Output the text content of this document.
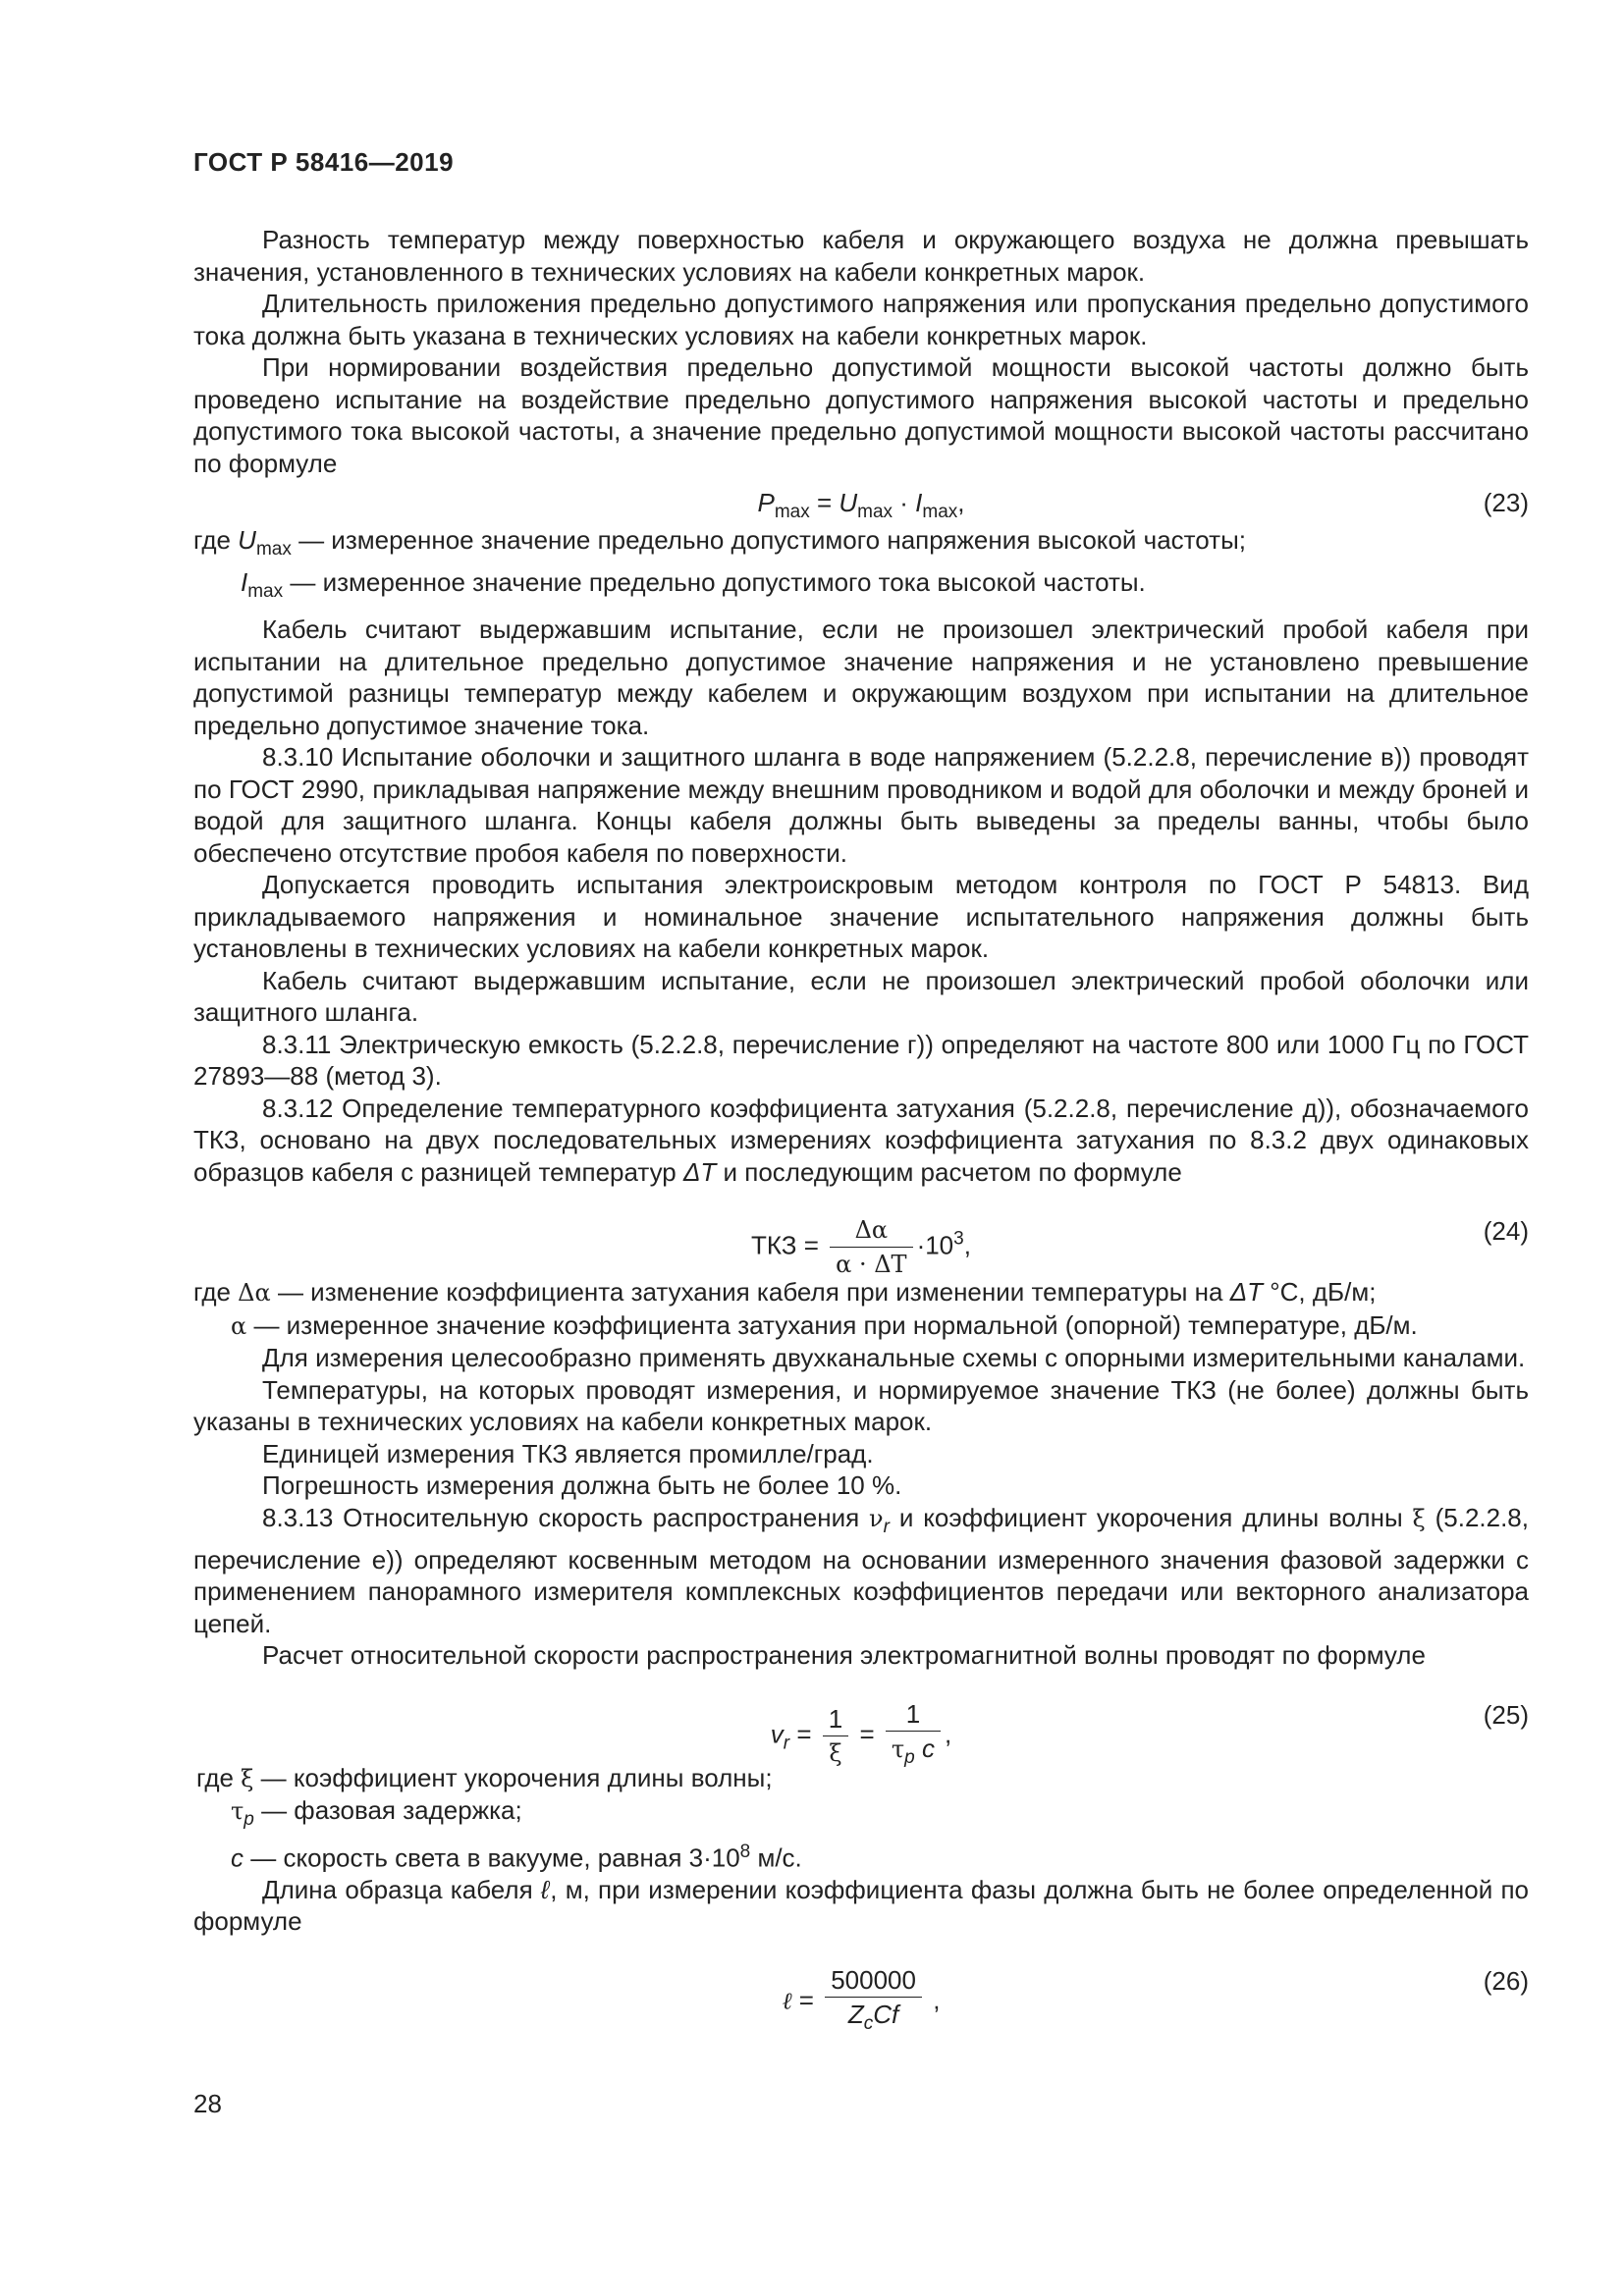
ГОСТ Р 58416—2019

Разность температур между поверхностью кабеля и окружающего воздуха не должна превышать значения, установленного в технических условиях на кабели конкретных марок.

Длительность приложения предельно допустимого напряжения или пропускания предельно допустимого тока должна быть указана в технических условиях на кабели конкретных марок.

При нормировании воздействия предельно допустимой мощности высокой частоты должно быть проведено испытание на воздействие предельно допустимого напряжения высокой частоты и предельно допустимого тока высокой частоты, а значение предельно допустимой мощности высокой частоты рассчитано по формуле

$P_{max} = U_{max} \cdot I_{max}$,	(23)

где $U_{max}$ — измеренное значение предельно допустимого напряжения высокой частоты;

$I_{max}$ — измеренное значение предельно допустимого тока высокой частоты.

Кабель считают выдержавшим испытание, если не произошел электрический пробой кабеля при испытании на длительное предельно допустимое значение напряжения и не установлено превышение допустимой разницы температур между кабелем и окружающим воздухом при испытании на длительное предельно допустимое значение тока.

8.3.10 Испытание оболочки и защитного шланга в воде напряжением (5.2.2.8, перечисление в)) проводят по ГОСТ 2990, прикладывая напряжение между внешним проводником и водой для оболочки и между броней и водой для защитного шланга. Концы кабеля должны быть выведены за пределы ванны, чтобы было обеспечено отсутствие пробоя кабеля по поверхности.

Допускается проводить испытания электроискровым методом контроля по ГОСТ Р 54813. Вид прикладываемого напряжения и номинальное значение испытательного напряжения должны быть установлены в технических условиях на кабели конкретных марок.

Кабель считают выдержавшим испытание, если не произошел электрический пробой оболочки или защитного шланга.

8.3.11 Электрическую емкость (5.2.2.8, перечисление г)) определяют на частоте 800 или 1000 Гц по ГОСТ 27893—88 (метод 3).

8.3.12 Определение температурного коэффициента затухания (5.2.2.8, перечисление д)), обозначаемого ТКЗ, основано на двух последовательных измерениях коэффициента затухания по 8.3.2 двух одинаковых образцов кабеля с разницей температур ΔT и последующим расчетом по формуле

ТКЗ = $\frac{\Delta\alpha}{\alpha \cdot \Delta T} \cdot 10^3$,	(24)

где Δα — изменение коэффициента затухания кабеля при изменении температуры на ΔT °С, дБ/м;

α — измеренное значение коэффициента затухания при нормальной (опорной) температуре, дБ/м.

Для измерения целесообразно применять двухканальные схемы с опорными измерительными каналами.

Температуры, на которых проводят измерения, и нормируемое значение ТКЗ (не более) должны быть указаны в технических условиях на кабели конкретных марок.

Единицей измерения ТКЗ является промилле/град.

Погрешность измерения должна быть не более 10 %.

8.3.13 Относительную скорость распространения $\nu_r$ и коэффициент укорочения длины волны ξ (5.2.2.8, перечисление е)) определяют косвенным методом на основании измеренного значения фазовой задержки с применением панорамного измерителя комплексных коэффициентов передачи или векторного анализатора цепей.

Расчет относительной скорости распространения электромагнитной волны проводят по формуле

$v_r = \frac{1}{\xi} = \frac{1}{\tau_p c}$ ,
(25)

где ξ — коэффициент укорочения длины волны;

$\tau_p$ — фазовая задержка;

c — скорость света в вакууме, равная $3\cdot 10^8$ м/с.

Длина образца кабеля ℓ, м, при измерении коэффициента фазы должна быть не более определенной по формуле

ℓ = $\frac{500000}{Z_cCf}$ ,
(26)
28
